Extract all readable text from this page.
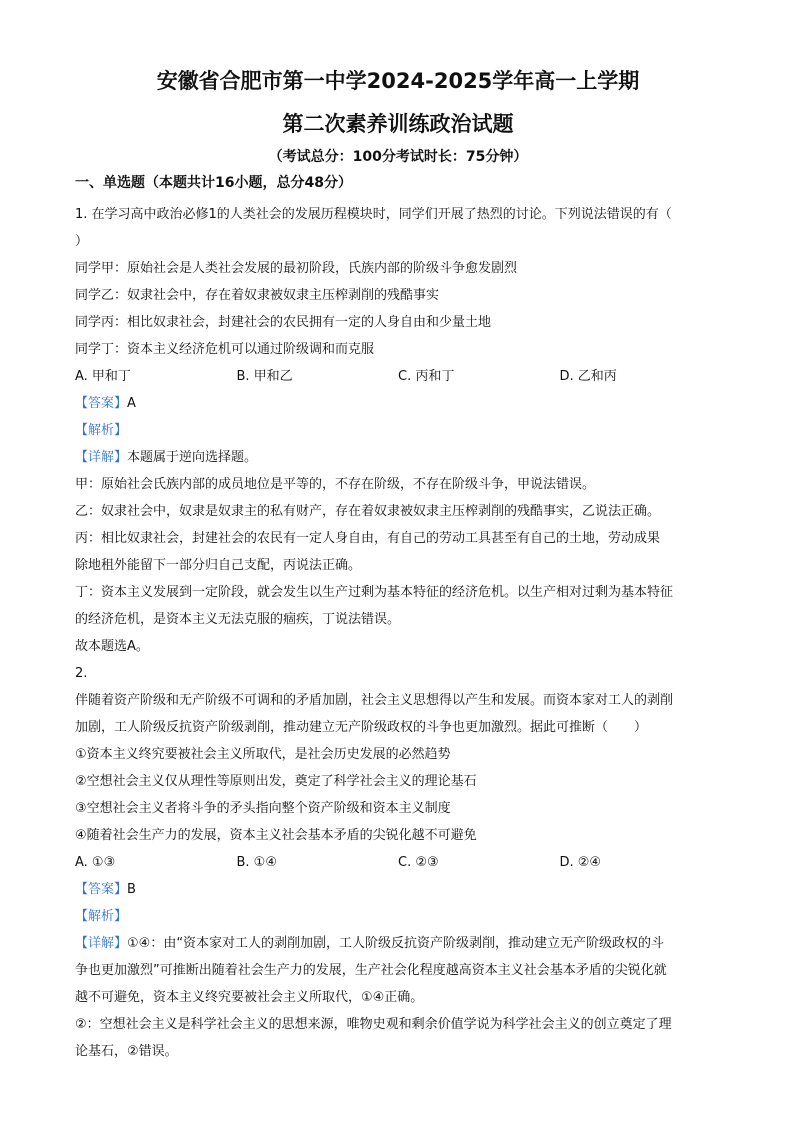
安徽省合肥市第一中学2024-2025学年高一上学期
第二次素养训练政治试题
（考试总分：100分考试时长：75分钟）
一、单选题（本题共计16小题，总分48分）
1. 在学习高中政治必修1的人类社会的发展历程模块时，同学们开展了热烈的讨论。下列说法错误的有（
）
同学甲：原始社会是人类社会发展的最初阶段，氏族内部的阶级斗争愈发剧烈
同学乙：奴隶社会中，存在着奴隶被奴隶主压榨剥削的残酷事实
同学丙：相比奴隶社会，封建社会的农民拥有一定的人身自由和少量土地
同学丁：资本主义经济危机可以通过阶级调和而克服
A. 甲和丁	B. 甲和乙	C. 丙和丁	D. 乙和丙
【答案】A
【解析】
【详解】本题属于逆向选择题。
甲：原始社会氏族内部的成员地位是平等的，不存在阶级，不存在阶级斗争，甲说法错误。
乙：奴隶社会中，奴隶是奴隶主的私有财产，存在着奴隶被奴隶主压榨剥削的残酷事实，乙说法正确。
丙：相比奴隶社会，封建社会的农民有一定人身自由，有自己的劳动工具甚至有自己的土地，劳动成果
除地租外能留下一部分归自己支配，丙说法正确。
丁：资本主义发展到一定阶段，就会发生以生产过剩为基本特征的经济危机。以生产相对过剩为基本特征
的经济危机，是资本主义无法克服的痼疾，丁说法错误。
故本题选A。
2.
伴随着资产阶级和无产阶级不可调和的矛盾加剧，社会主义思想得以产生和发展。而资本家对工人的剥削
加剧，工人阶级反抗资产阶级剥削，推动建立无产阶级政权的斗争也更加激烈。据此可推断（　　）
①资本主义终究要被社会主义所取代，是社会历史发展的必然趋势
②空想社会主义仅从理性等原则出发，奠定了科学社会主义的理论基石
③空想社会主义者将斗争的矛头指向整个资产阶级和资本主义制度
④随着社会生产力的发展，资本主义社会基本矛盾的尖锐化越不可避免
A. ①③	B. ①④	C. ②③	D. ②④
【答案】B
【解析】
【详解】①④：由“资本家对工人的剥削加剧，工人阶级反抗资产阶级剥削，推动建立无产阶级政权的斗
争也更加激烈”可推断出随着社会生产力的发展，生产社会化程度越高资本主义社会基本矛盾的尖锐化就
越不可避免，资本主义终究要被社会主义所取代，①④正确。
②：空想社会主义是科学社会主义的思想来源，唯物史观和剩余价值学说为科学社会主义的创立奠定了理
论基石，②错误。
